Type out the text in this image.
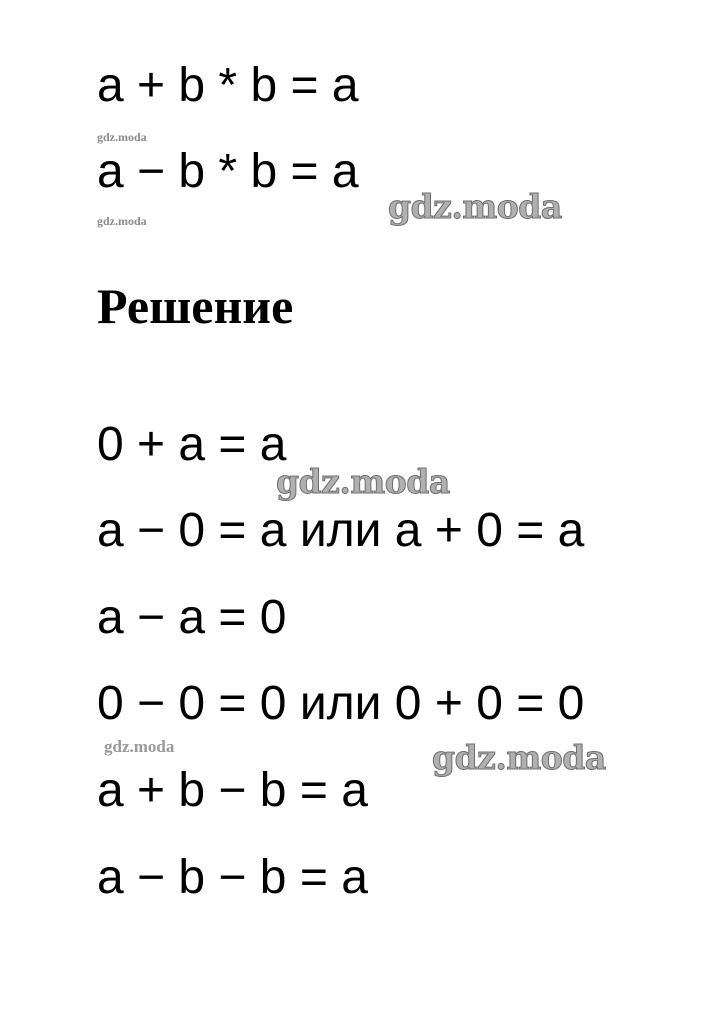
a + b * b = a
gdz.moda
a − b * b = a
gdz.moda
gdz.moda
Решение
0 + a = a
gdz.moda
a − 0 = a или a + 0 = a
a − a = 0
0 − 0 = 0 или 0 + 0 = 0
gdz.moda	gdz.moda
a + b − b = a
a − b − b = a
